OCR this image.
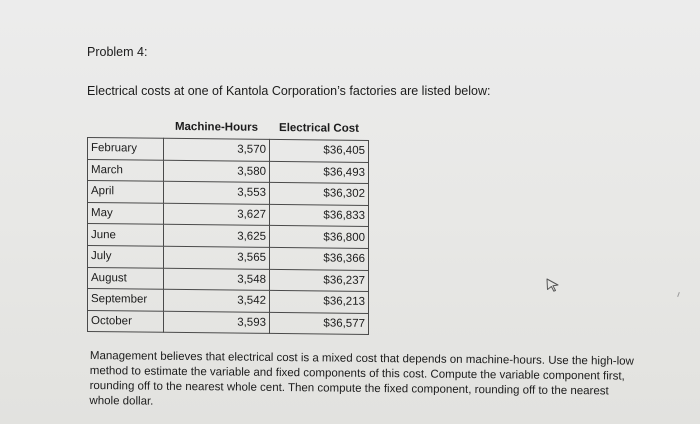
Problem 4:
Electrical costs at one of Kantola Corporation’s factories are listed below:
	Machine-Hours	Electrical Cost
February	3,570	$36,405
March	3,580	$36,493
April	3,553	$36,302
May	3,627	$36,833
June	3,625	$36,800
July	3,565	$36,366
August	3,548	$36,237
September	3,542	$36,213
October	3,593	$36,577
Management believes that electrical cost is a mixed cost that depends on machine-hours. Use the high-low method to estimate the variable and fixed components of this cost. Compute the variable component first, rounding off to the nearest whole cent. Then compute the fixed component, rounding off to the nearest whole dollar.
